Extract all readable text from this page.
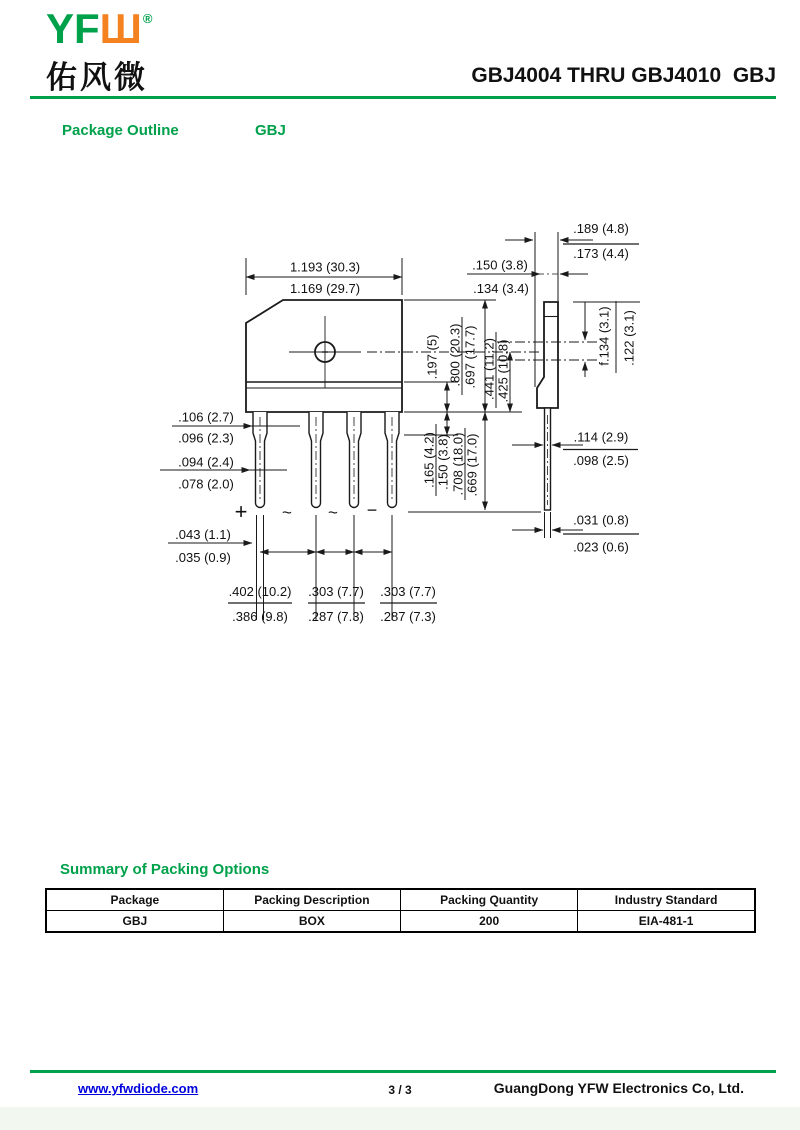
YFШ®
佑风微	GBJ4004 THRU GBJ4010  GBJ
Package Outline	GBJ
1.193 (30.3)
1.169 (29.7)
.106 (2.7)
.096 (2.3)
.094 (2.4)
.078 (2.0)
.043 (1.1)
.035 (0.9)
.402 (10.2)
.386 (9.8)
.303 (7.7)
.287 (7.3)
.303 (7.7)
.287 (7.3)
.197 (5) .800 (20.3) .697 (17.7) .441 (11.2) .425 (10.8)
.165 (4.2) .150 (3.8) .708 (18.0) .669 (17.0)
+ ~ ~ −
.189 (4.8)
.173 (4.4)
.150 (3.8)
.134 (3.4)
f.134 (3.1) .122 (3.1)
.114 (2.9)
.098 (2.5)
.031 (0.8)
.023 (0.6)
Summary of Packing Options
Package	Packing Description	Packing Quantity	Industry Standard
GBJ	BOX	200	EIA-481-1
www.yfwdiode.com	3 / 3	GuangDong YFW Electronics Co, Ltd.
